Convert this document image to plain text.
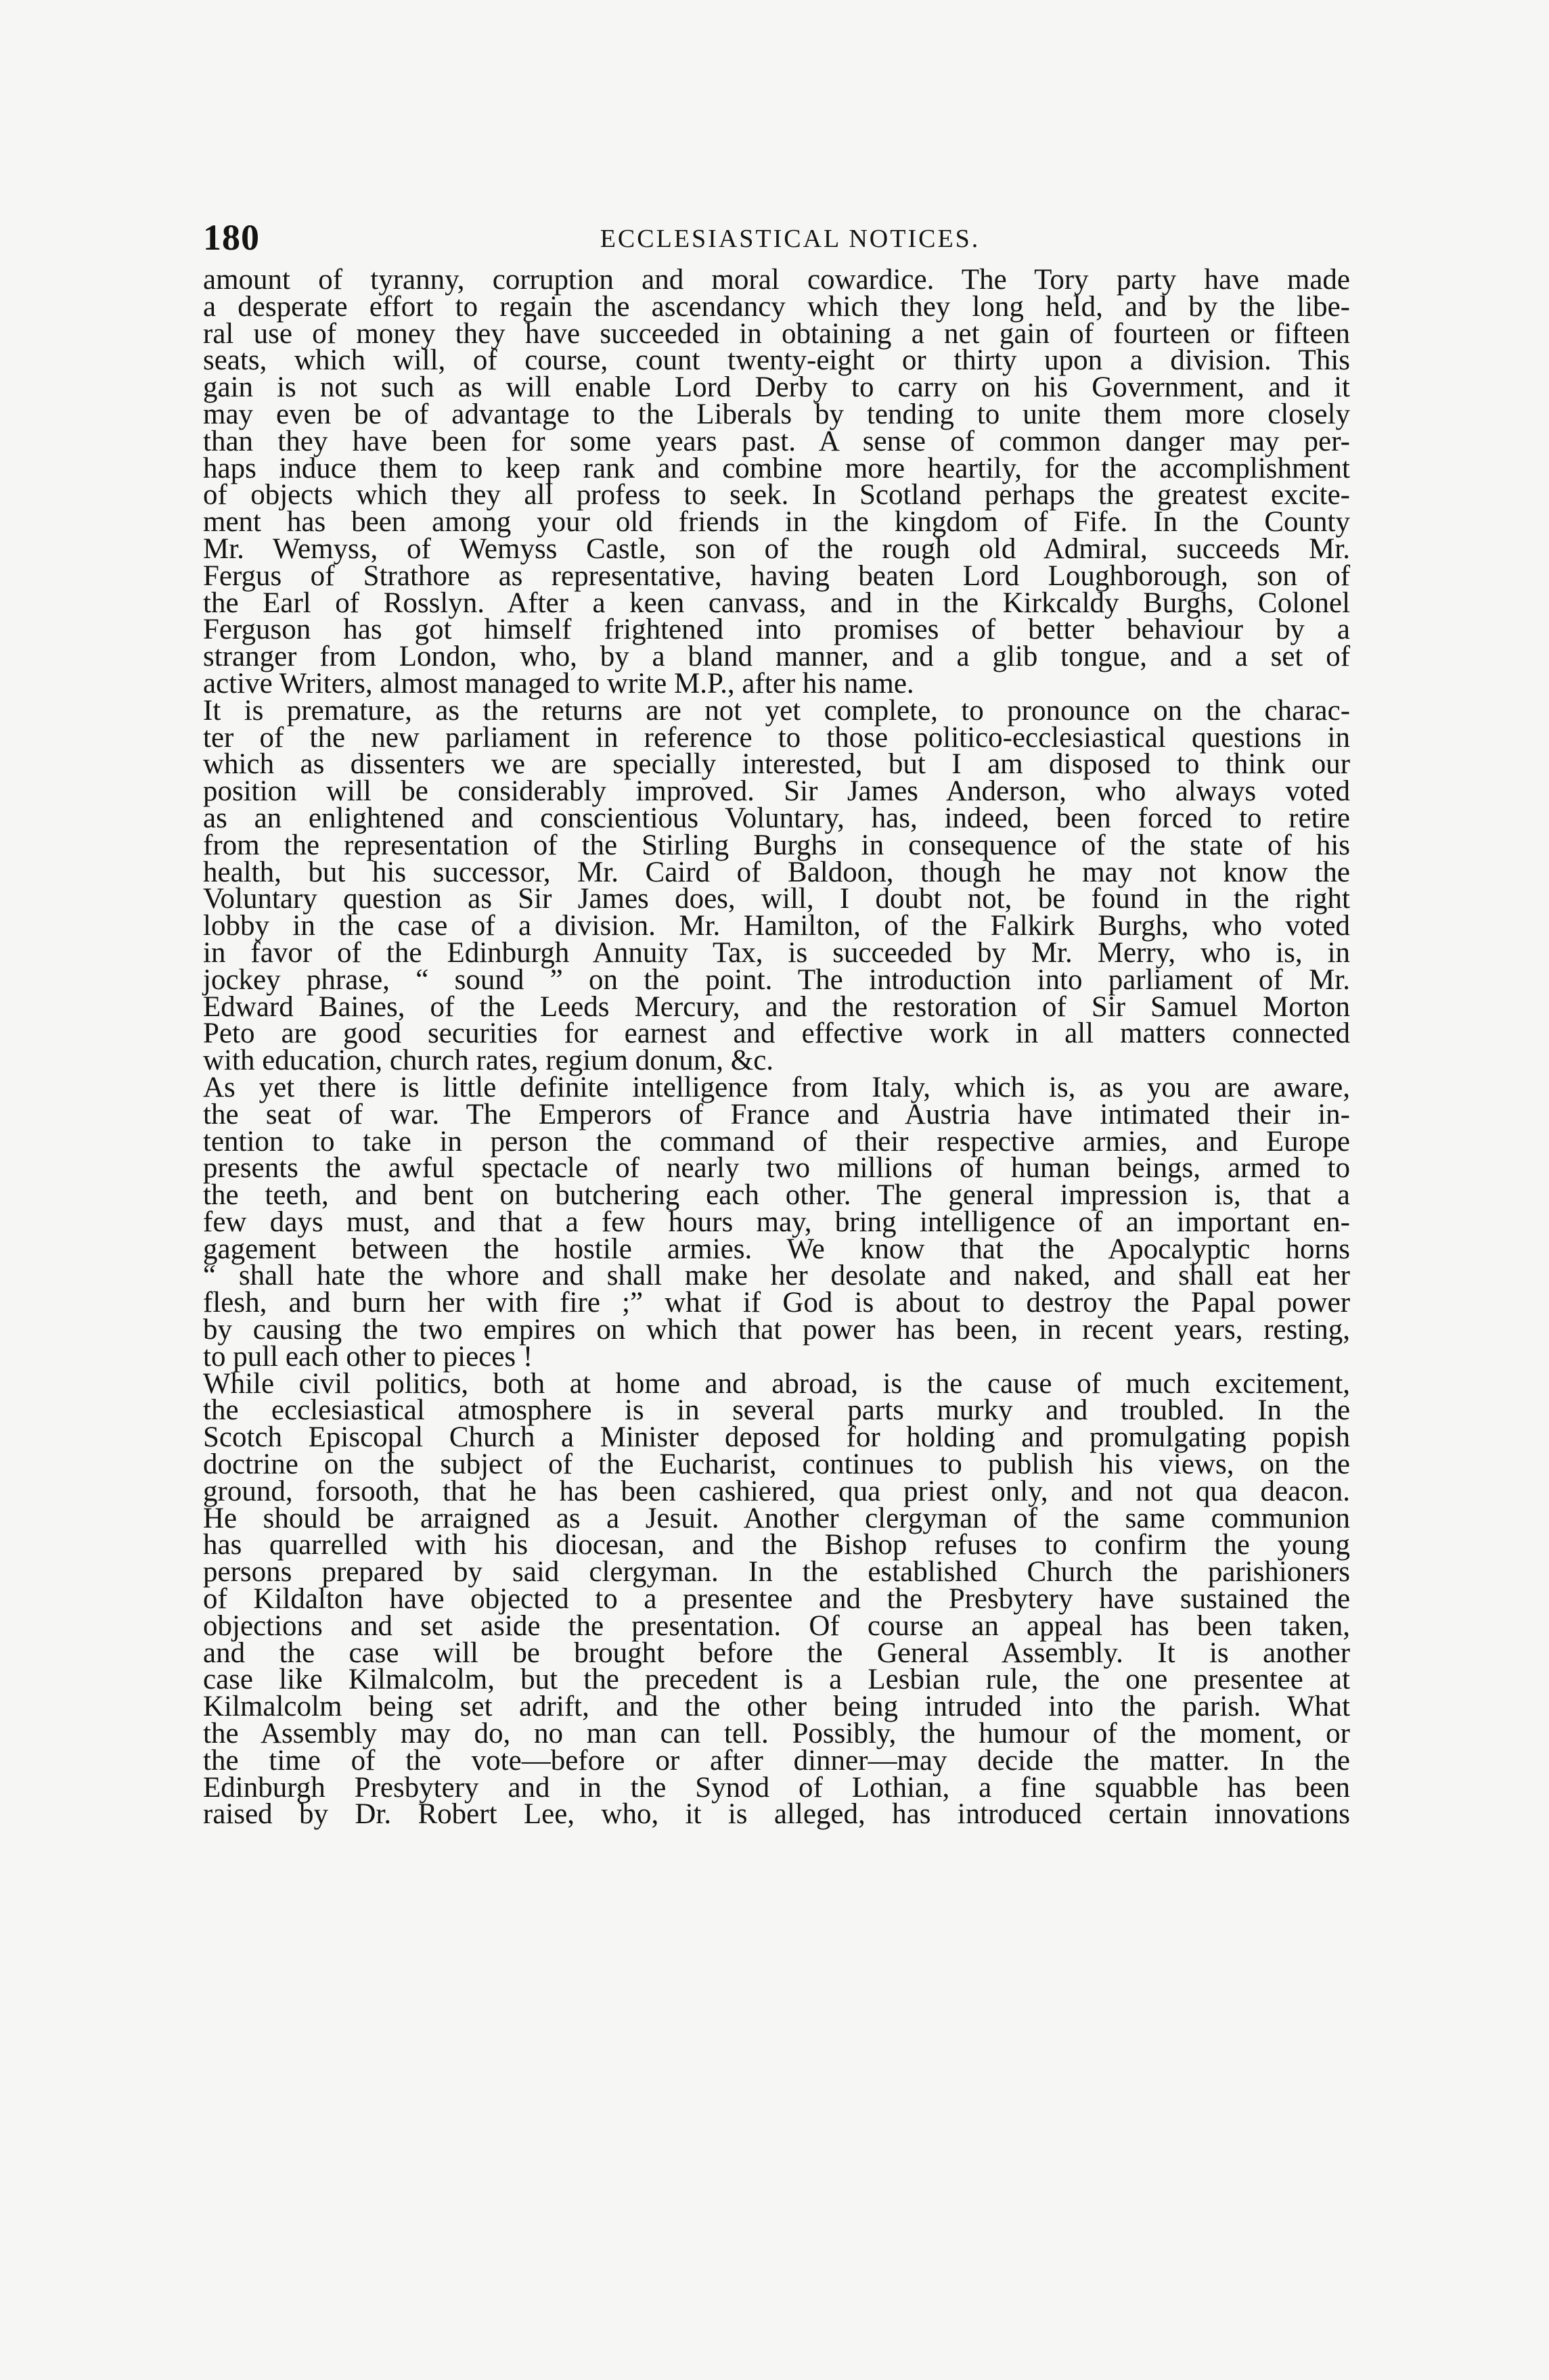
180	ECCLESIASTICAL NOTICES.
amount of tyranny, corruption and moral cowardice. The Tory party have made
a desperate effort to regain the ascendancy which they long held, and by the libe-
ral use of money they have succeeded in obtaining a net gain of fourteen or fifteen
seats, which will, of course, count twenty-eight or thirty upon a division. This
gain is not such as will enable Lord Derby to carry on his Government, and it
may even be of advantage to the Liberals by tending to unite them more closely
than they have been for some years past. A sense of common danger may per-
haps induce them to keep rank and combine more heartily, for the accomplishment
of objects which they all profess to seek. In Scotland perhaps the greatest excite-
ment has been among your old friends in the kingdom of Fife. In the County
Mr. Wemyss, of Wemyss Castle, son of the rough old Admiral, succeeds Mr.
Fergus of Strathore as representative, having beaten Lord Loughborough, son of
the Earl of Rosslyn. After a keen canvass, and in the Kirkcaldy Burghs, Colonel
Ferguson has got himself frightened into promises of better behaviour by a
stranger from London, who, by a bland manner, and a glib tongue, and a set of
active Writers, almost managed to write M.P., after his name.
It is premature, as the returns are not yet complete, to pronounce on the charac-
ter of the new parliament in reference to those politico-ecclesiastical questions in
which as dissenters we are specially interested, but I am disposed to think our
position will be considerably improved. Sir James Anderson, who always voted
as an enlightened and conscientious Voluntary, has, indeed, been forced to retire
from the representation of the Stirling Burghs in consequence of the state of his
health, but his successor, Mr. Caird of Baldoon, though he may not know the
Voluntary question as Sir James does, will, I doubt not, be found in the right
lobby in the case of a division. Mr. Hamilton, of the Falkirk Burghs, who voted
in favor of the Edinburgh Annuity Tax, is succeeded by Mr. Merry, who is, in
jockey phrase, “ sound ” on the point. The introduction into parliament of Mr.
Edward Baines, of the Leeds Mercury, and the restoration of Sir Samuel Morton
Peto are good securities for earnest and effective work in all matters connected
with education, church rates, regium donum, &c.
As yet there is little definite intelligence from Italy, which is, as you are aware,
the seat of war. The Emperors of France and Austria have intimated their in-
tention to take in person the command of their respective armies, and Europe
presents the awful spectacle of nearly two millions of human beings, armed to
the teeth, and bent on butchering each other. The general impression is, that a
few days must, and that a few hours may, bring intelligence of an important en-
gagement between the hostile armies. We know that the Apocalyptic horns
“ shall hate the whore and shall make her desolate and naked, and shall eat her
flesh, and burn her with fire ;” what if God is about to destroy the Papal power
by causing the two empires on which that power has been, in recent years, resting,
to pull each other to pieces !
While civil politics, both at home and abroad, is the cause of much excitement,
the ecclesiastical atmosphere is in several parts murky and troubled. In the
Scotch Episcopal Church a Minister deposed for holding and promulgating popish
doctrine on the subject of the Eucharist, continues to publish his views, on the
ground, forsooth, that he has been cashiered, qua priest only, and not qua deacon.
He should be arraigned as a Jesuit. Another clergyman of the same communion
has quarrelled with his diocesan, and the Bishop refuses to confirm the young
persons prepared by said clergyman. In the established Church the parishioners
of Kildalton have objected to a presentee and the Presbytery have sustained the
objections and set aside the presentation. Of course an appeal has been taken,
and the case will be brought before the General Assembly. It is another
case like Kilmalcolm, but the precedent is a Lesbian rule, the one presentee at
Kilmalcolm being set adrift, and the other being intruded into the parish. What
the Assembly may do, no man can tell. Possibly, the humour of the moment, or
the time of the vote—before or after dinner—may decide the matter. In the
Edinburgh Presbytery and in the Synod of Lothian, a fine squabble has been
raised by Dr. Robert Lee, who, it is alleged, has introduced certain innovations
